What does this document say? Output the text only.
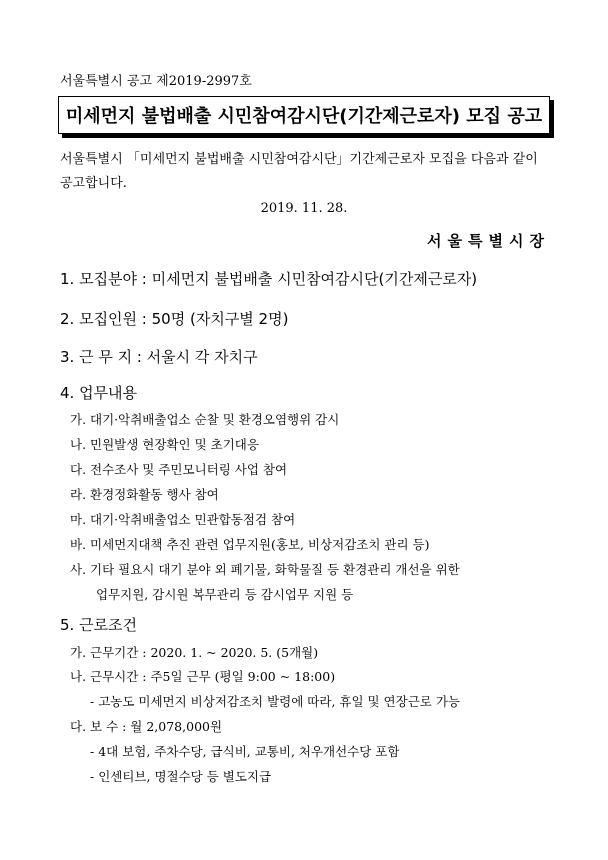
서울특별시 공고 제2019-2997호
미세먼지 불법배출 시민참여감시단(기간제근로자) 모집 공고
서울특별시 「미세먼지 불법배출 시민참여감시단」기간제근로자 모집을 다음과 같이 공고합니다.
2019. 11. 28.
서울특별시장
1. 모집분야 : 미세먼지 불법배출 시민참여감시단(기간제근로자)
2. 모집인원 : 50명 (자치구별 2명)
3. 근 무 지 : 서울시 각 자치구
4. 업무내용
가. 대기·악취배출업소 순찰 및 환경오염행위 감시
나. 민원발생 현장확인 및 초기대응
다. 전수조사 및 주민모니터링 사업 참여
라. 환경정화활동 행사 참여
마. 대기·악취배출업소 민관합동점검 참여
바. 미세먼지대책 추진 관련 업무지원(홍보, 비상저감조치 관리 등)
사. 기타 필요시 대기 분야 외 폐기물, 화학물질 등 환경관리 개선을 위한
업무지원, 감시원 복무관리 등 감시업무 지원 등
5. 근로조건
가. 근무기간 : 2020. 1. ~ 2020. 5. (5개월)
나. 근무시간 : 주5일 근무 (평일 9:00 ~ 18:00)
- 고농도 미세먼지 비상저감조치 발령에 따라, 휴일 및 연장근로 가능
다. 보 수 : 월 2,078,000원
- 4대 보험, 주차수당, 급식비, 교통비, 처우개선수당 포함
- 인센티브, 명절수당 등 별도지급
